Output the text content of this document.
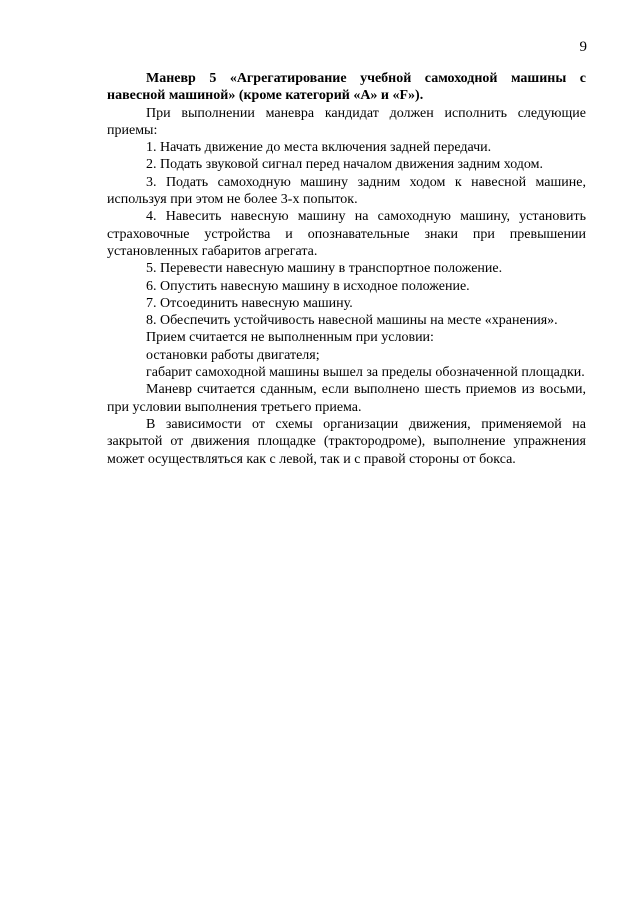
9

Маневр 5 «Агрегатирование учебной самоходной машины с навесной машиной» (кроме категорий «A» и «F»).

При выполнении маневра кандидат должен исполнить следующие приемы:

1. Начать движение до места включения задней передачи.

2. Подать звуковой сигнал перед началом движения задним ходом.

3. Подать самоходную машину задним ходом к навесной машине, используя при этом не более 3-х попыток.

4. Навесить навесную машину на самоходную машину, установить страховочные устройства и опознавательные знаки при превышении установленных габаритов агрегата.

5. Перевести навесную машину в транспортное положение.

6. Опустить навесную машину в исходное положение.

7. Отсоединить навесную машину.

8. Обеспечить устойчивость навесной машины на месте «хранения».

Прием считается не выполненным при условии:

остановки работы двигателя;

габарит самоходной машины вышел за пределы обозначенной площадки.

Маневр считается сданным, если выполнено шесть приемов из восьми, при условии выполнения третьего приема.

В зависимости от схемы организации движения, применяемой на закрытой от движения площадке (трактородроме), выполнение упражнения может осуществляться как с левой, так и с правой стороны от бокса.
